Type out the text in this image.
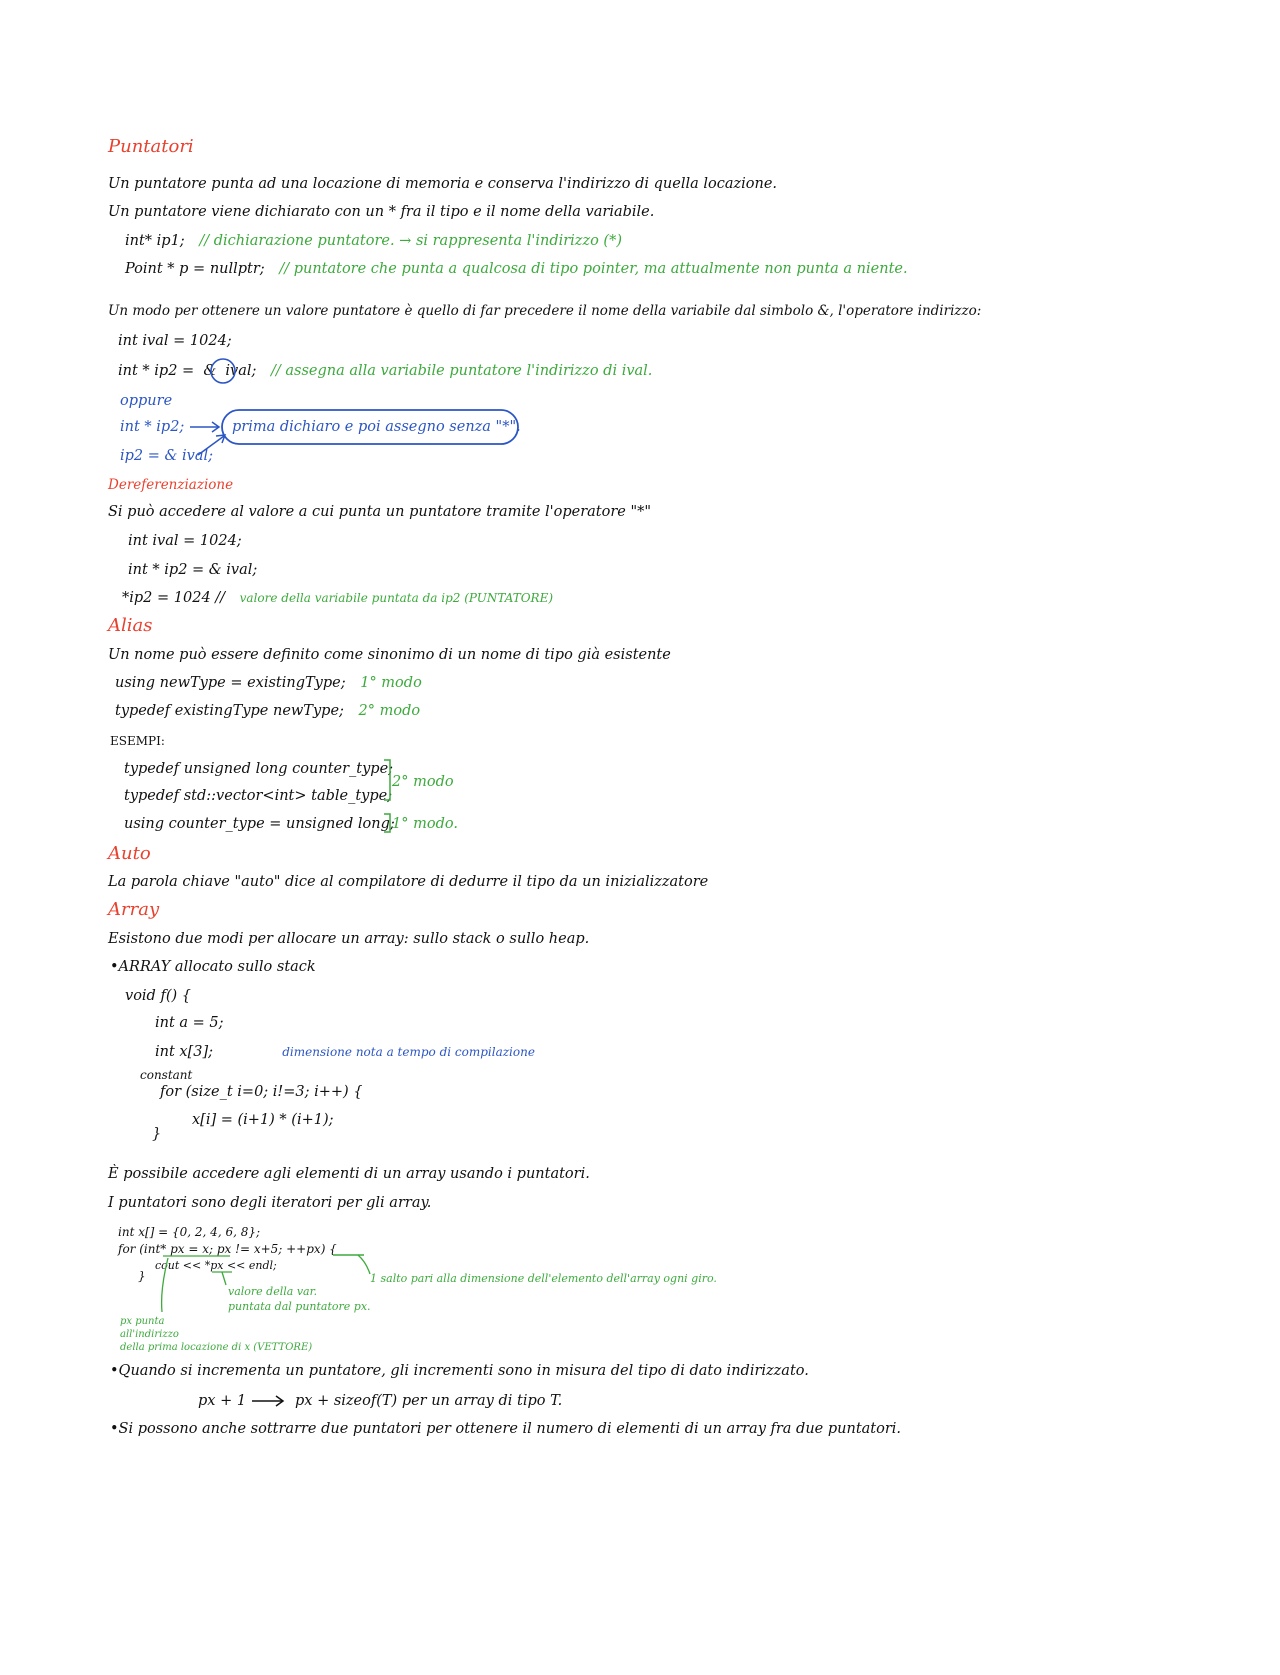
Puntatori
Un puntatore punta ad una locazione di memoria e conserva l'indirizzo di quella locazione.
Un puntatore viene dichiarato con un * fra il tipo e il nome della variabile.
int* ip1; // dichiarazione puntatore. → si rappresenta l'indirizzo (*)
Point * p = nullptr; // puntatore che punta a qualcosa di tipo pointer, ma attualmente non punta a niente.
Un modo per ottenere un valore puntatore è quello di far precedere il nome della variabile dal simbolo &, l'operatore indirizzo:
int ival = 1024;
int * ip2 = & ival; // assegna alla variabile puntatore l'indirizzo di ival.
oppure
int * ip2;	prima dichiaro e poi assegno senza "*".
ip2 = & ival;
Dereferenziazione
Si può accedere al valore a cui punta un puntatore tramite l'operatore "*"
int ival = 1024;
int * ip2 = & ival;
*ip2 = 1024 // valore della variabile puntata da ip2 (PUNTATORE)
Alias
Un nome può essere definito come sinonimo di un nome di tipo già esistente
using newType = existingType; 1° modo
typedef existingType newType; 2° modo
ESEMPI:
typedef unsigned long counter_type;
typedef std::vector<int> table_type;
2° modo
using counter_type = unsigned long;
1° modo.
Auto
La parola chiave "auto" dice al compilatore di dedurre il tipo da un inizializzatore
Array
Esistono due modi per allocare un array: sullo stack o sullo heap.
•ARRAY allocato sullo stack
void f() {
int a = 5;
int x[3];	dimensione nota a tempo di compilazione
constant
for (size_t i=0; i!=3; i++) {
x[i] = (i+1) * (i+1);
}
È possibile accedere agli elementi di un array usando i puntatori.
I puntatori sono degli iteratori per gli array.
int x[] = {0, 2, 4, 6, 8};
for (int* px = x; px != x+5; ++px) {
cout << *px << endl;
}	1 salto pari alla dimensione dell'elemento dell'array ogni giro.
valore della var.
puntata dal puntatore px.
px punta
all'indirizzo
della prima locazione di x (VETTORE)
•Quando si incrementa un puntatore, gli incrementi sono in misura del tipo di dato indirizzato.
px + 1	px + sizeof(T) per un array di tipo T.
•Si possono anche sottrarre due puntatori per ottenere il numero di elementi di un array fra due puntatori.
